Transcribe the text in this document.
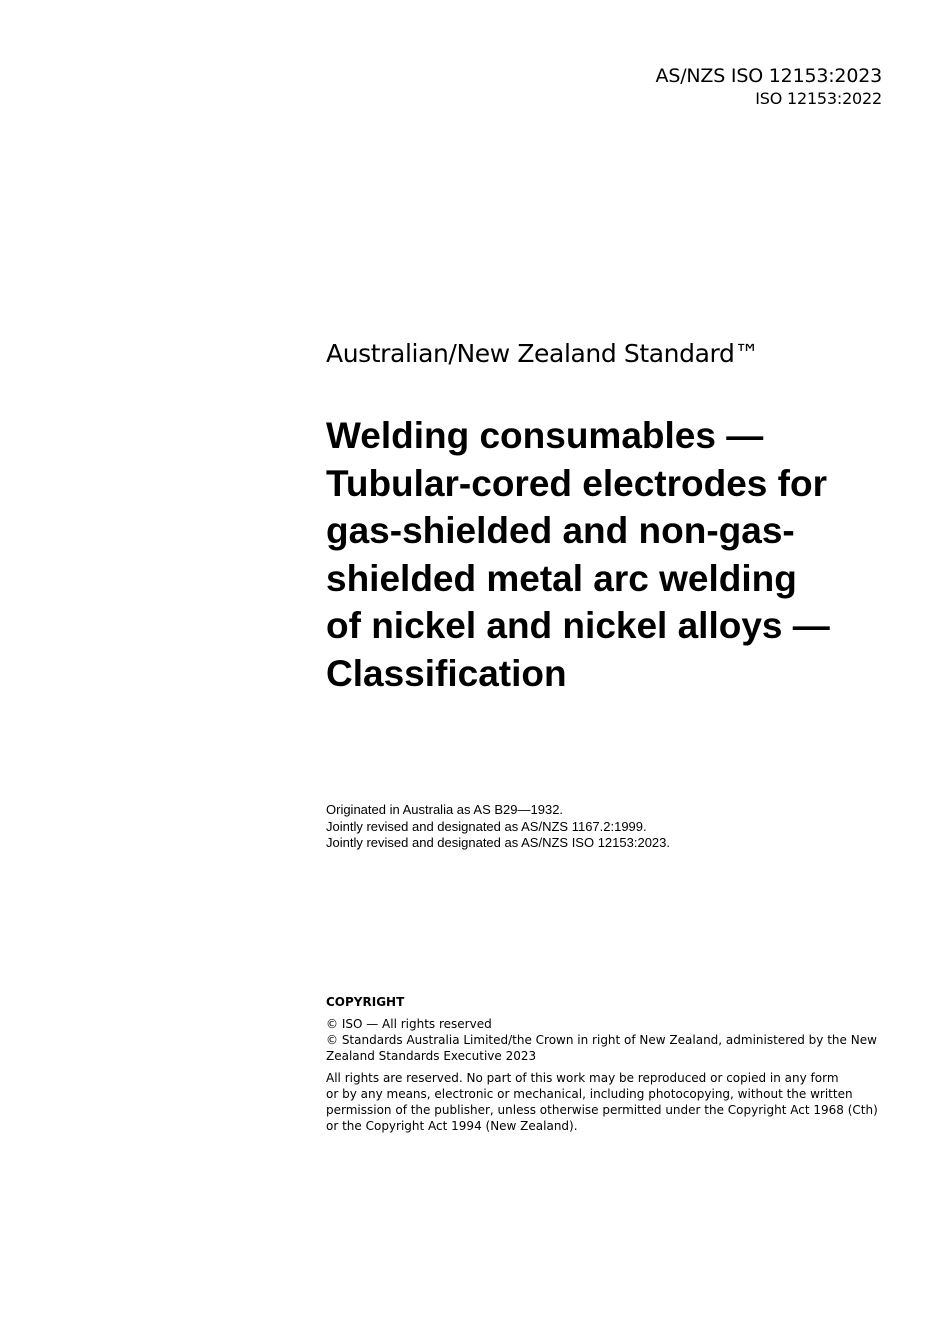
AS/NZS ISO 12153:2023
ISO 12153:2022
Australian/New Zealand Standard™
Welding consumables —
Tubular-cored electrodes for
gas-shielded and non-gas-
shielded metal arc welding
of nickel and nickel alloys —
Classification
Originated in Australia as AS B29—1932.
Jointly revised and designated as AS/NZS 1167.2:1999.
Jointly revised and designated as AS/NZS ISO 12153:2023.
COPYRIGHT
© ISO — All rights reserved
© Standards Australia Limited/the Crown in right of New Zealand, administered by the New
Zealand Standards Executive 2023
All rights are reserved. No part of this work may be reproduced or copied in any form
or by any means, electronic or mechanical, including photocopying, without the written
permission of the publisher, unless otherwise permitted under the Copyright Act 1968 (Cth)
or the Copyright Act 1994 (New Zealand).
